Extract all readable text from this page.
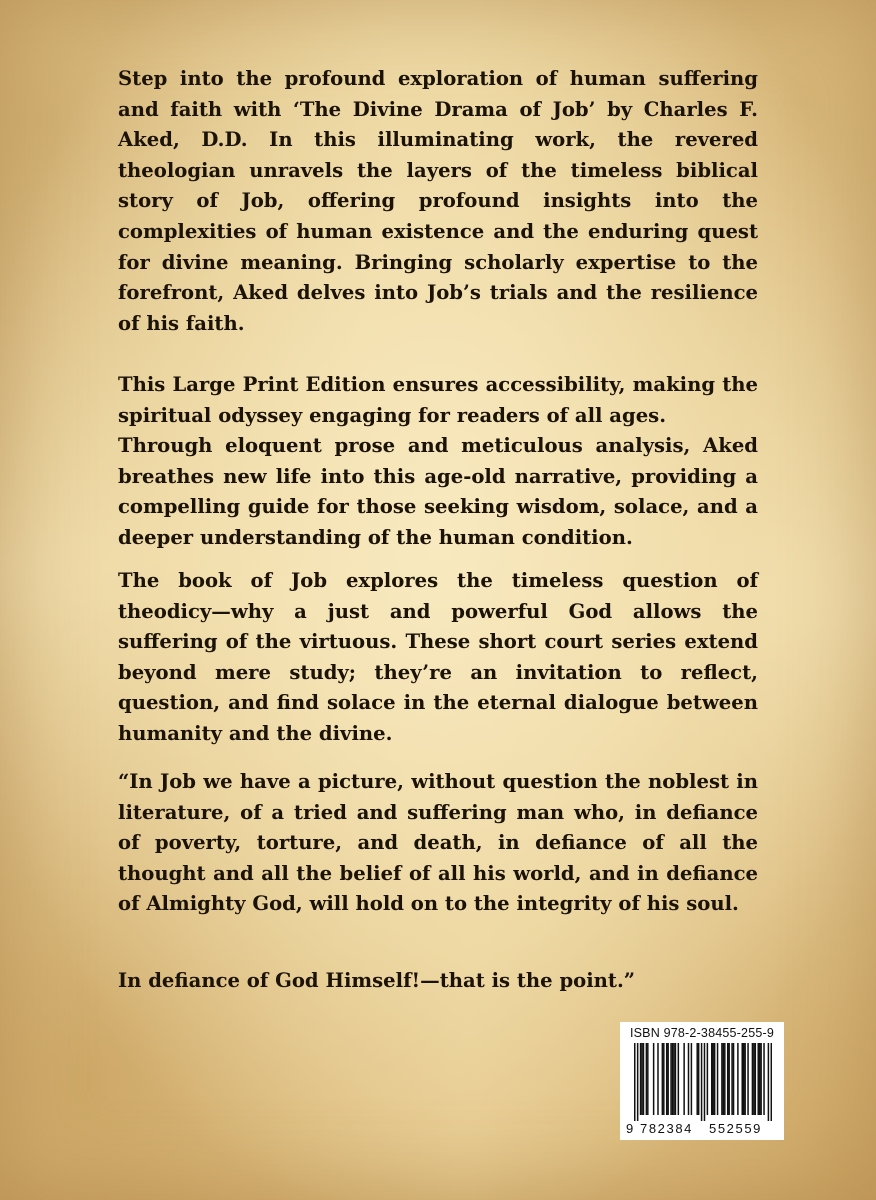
Step into the profound exploration of human suffering and faith with ‘The Divine Drama of Job’ by Charles F. Aked, D.D. In this illuminating work, the revered theologian unravels the layers of the timeless biblical story of Job, offering profound insights into the complexities of human existence and the enduring quest for divine meaning. Bringing scholarly expertise to the forefront, Aked delves into Job’s trials and the resilience of his faith.

This Large Print Edition ensures accessibility, making the spiritual odyssey engaging for readers of all ages.

Through eloquent prose and meticulous analysis, Aked breathes new life into this age-old narrative, providing a compelling guide for those seeking wisdom, solace, and a deeper understanding of the human condition.

The book of Job explores the timeless question of theodicy—why a just and powerful God allows the suffering of the virtuous. These short court series extend beyond mere study; they’re an invitation to reflect, question, and find solace in the eternal dialogue between humanity and the divine.

“In Job we have a picture, without question the noblest in literature, of a tried and suffering man who, in defiance of poverty, torture, and death, in defiance of all the thought and all the belief of all his world, and in defiance of Almighty God, will hold on to the integrity of his soul.

In defiance of God Himself!—that is the point.”

ISBN 978-2-38455-255-9
9 782384 552559
